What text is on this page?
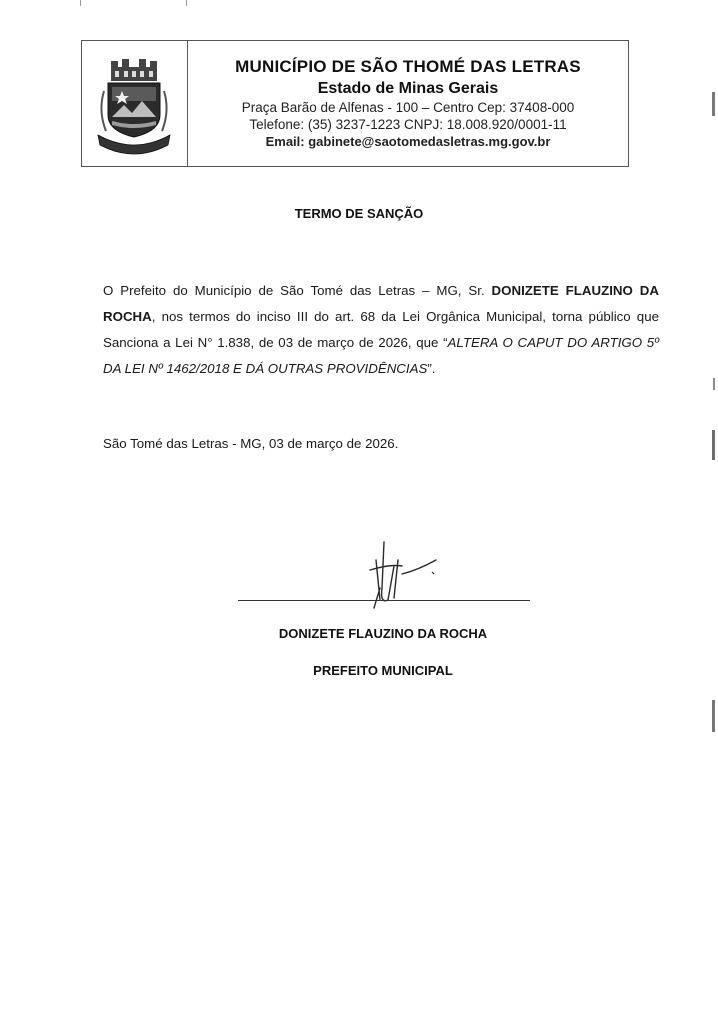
MUNICÍPIO DE SÃO THOMÉ DAS LETRAS
Estado de Minas Gerais
Praça Barão de Alfenas - 100 – Centro Cep: 37408-000
Telefone: (35) 3237-1223 CNPJ: 18.008.920/0001-11
Email: gabinete@saotomedasletras.mg.gov.br
TERMO DE SANÇÃO
O Prefeito do Município de São Tomé das Letras – MG, Sr. DONIZETE FLAUZINO DA ROCHA, nos termos do inciso III do art. 68 da Lei Orgânica Municipal, torna público que Sanciona a Lei N° 1.838, de 03 de março de 2026, que “ALTERA O CAPUT DO ARTIGO 5º DA LEI Nº 1462/2018 E DÁ OUTRAS PROVIDÊNCIAS”.
São Tomé das Letras - MG, 03 de março de 2026.
DONIZETE FLAUZINO DA ROCHA
PREFEITO MUNICIPAL
